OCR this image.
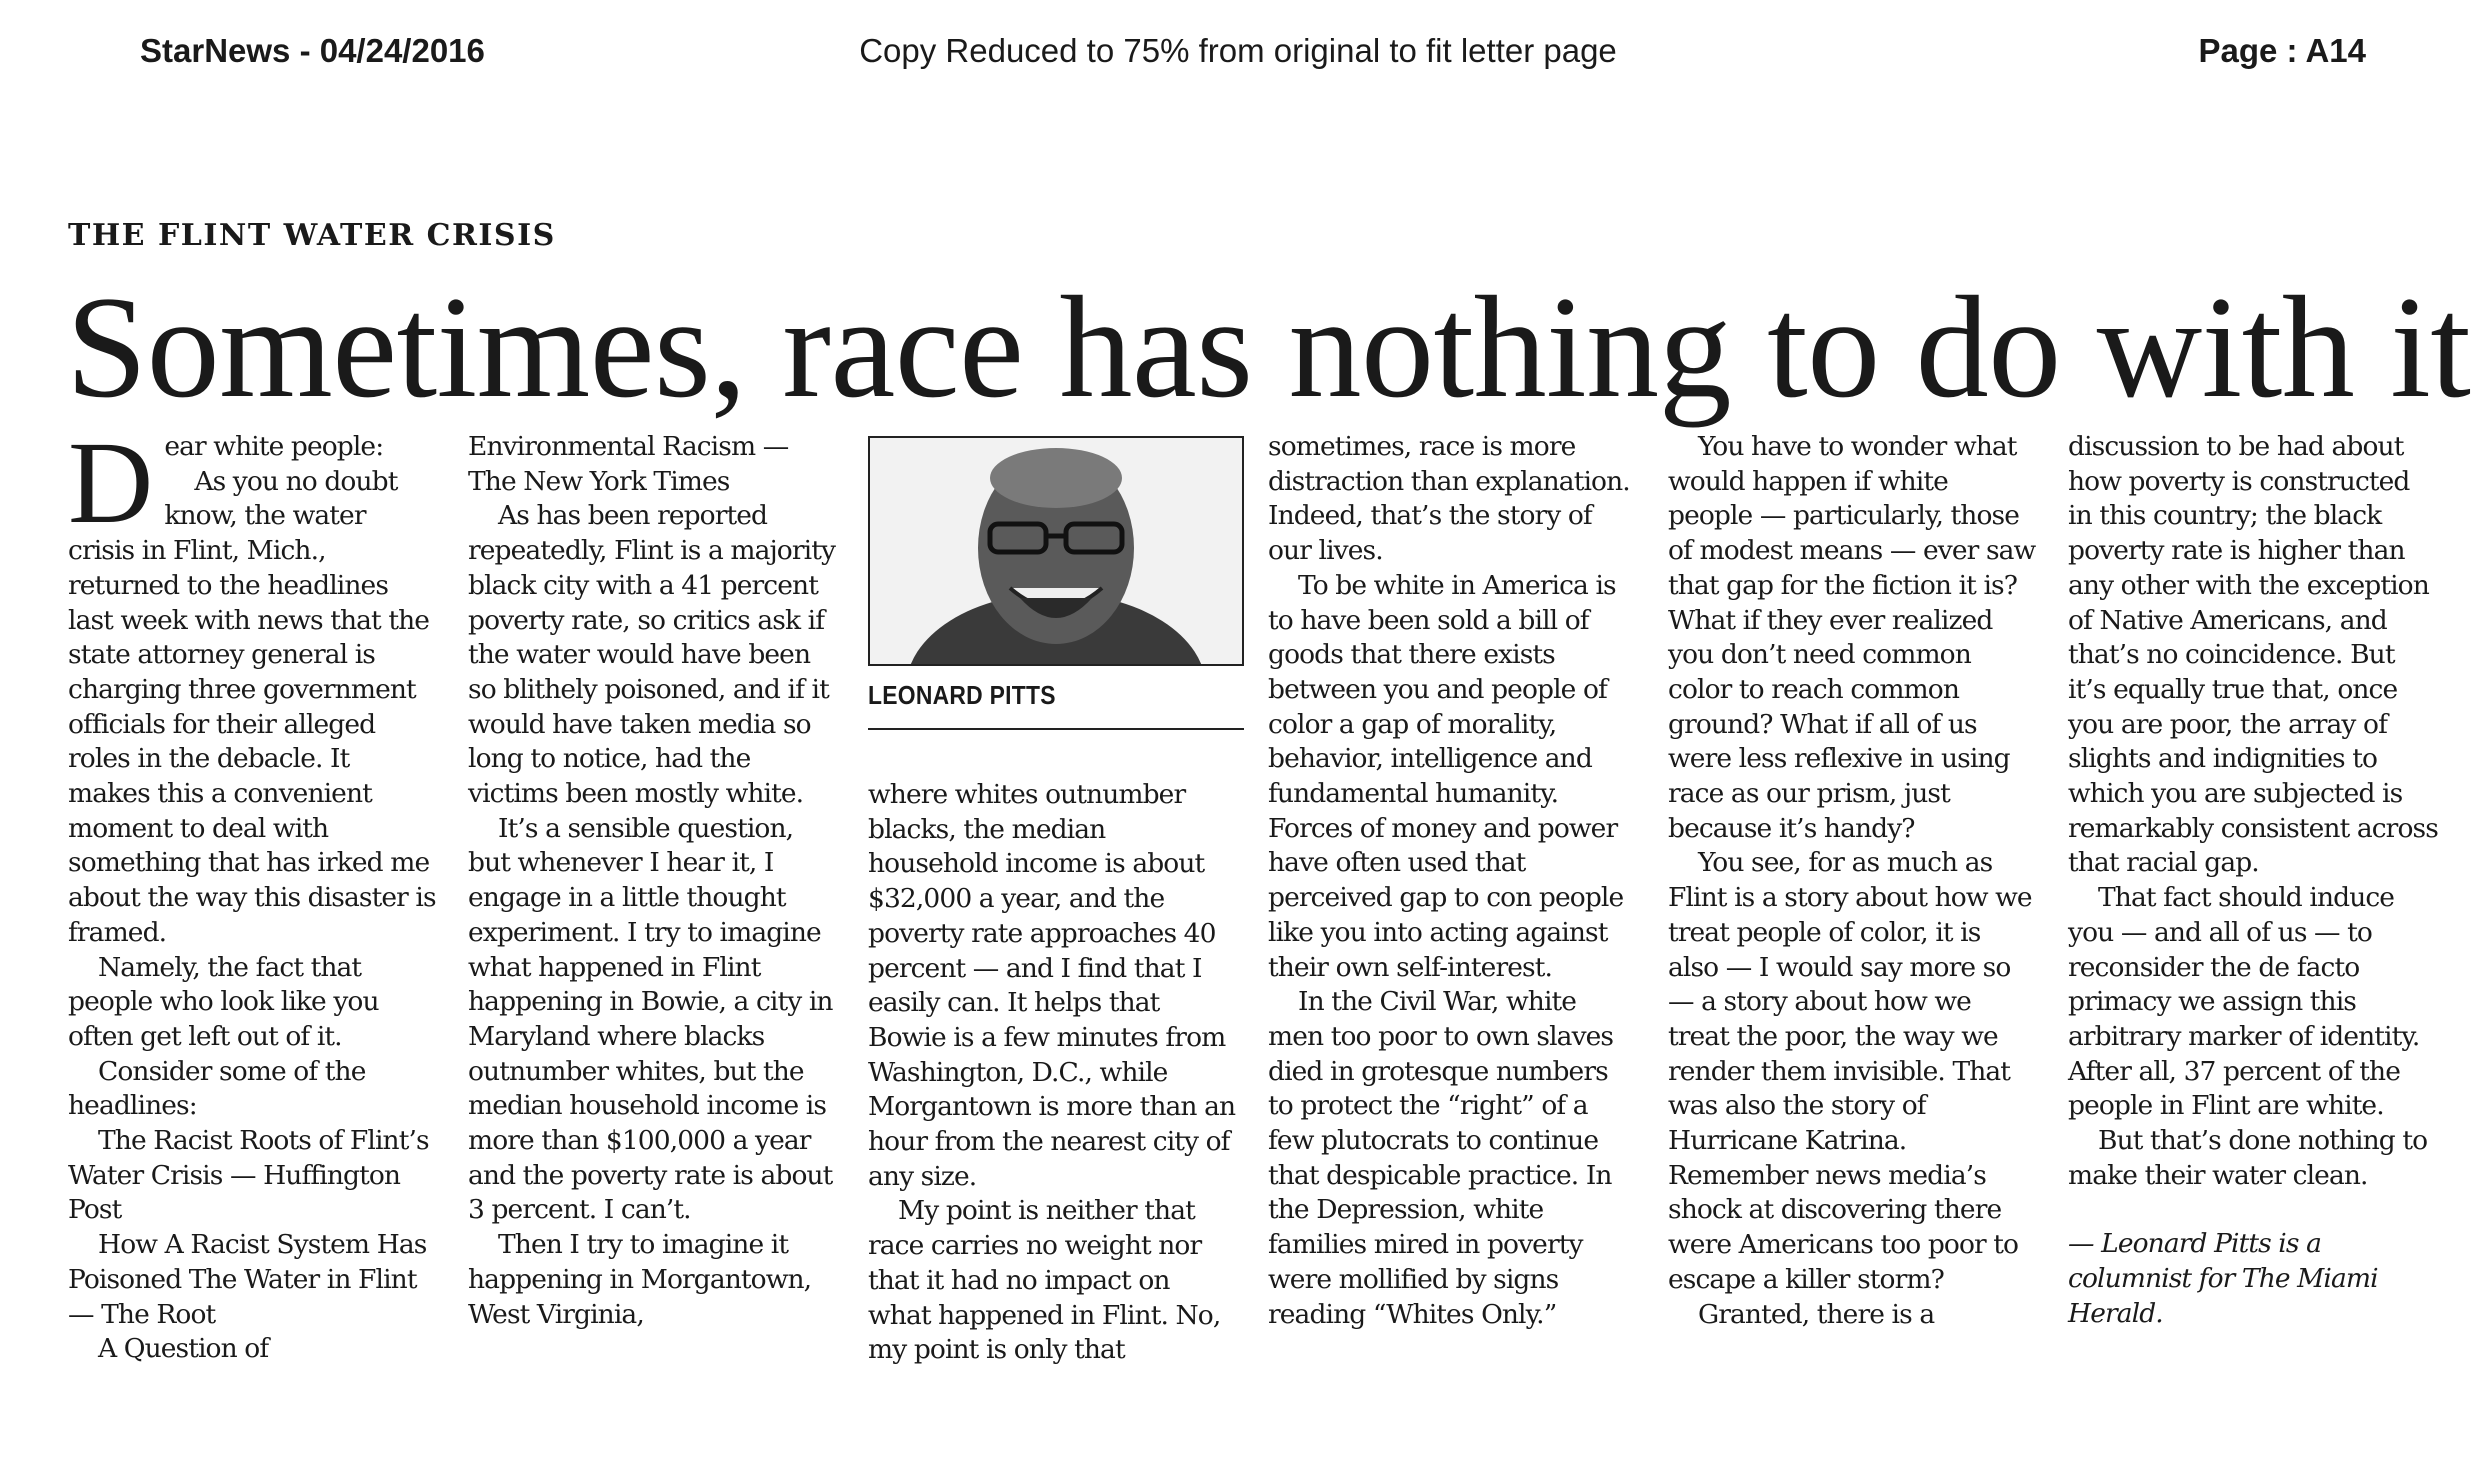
StarNews - 04/24/2016	Copy Reduced to 75% from original to fit letter page	Page : A14
THE FLINT WATER CRISIS
Sometimes, race has nothing to do with it

Dear white people:

As you no doubt know, the water crisis in Flint, Mich., returned to the headlines last week with news that the state attorney general is charging three government officials for their alleged roles in the debacle. It makes this a convenient moment to deal with something that has irked me about the way this disaster is framed.

Namely, the fact that people who look like you often get left out of it.

Consider some of the headlines:

The Racist Roots of Flint’s Water Crisis — Huffington Post

How A Racist System Has Poisoned The Water in Flint — The Root

A Question of

Environmental Racism — The New York Times

As has been reported repeatedly, Flint is a majority black city with a 41 percent poverty rate, so critics ask if the water would have been so blithely poisoned, and if it would have taken media so long to notice, had the victims been mostly white.

It’s a sensible question, but whenever I hear it, I engage in a little thought experiment. I try to imagine what happened in Flint happening in Bowie, a city in Maryland where blacks outnumber whites, but the median household income is more than $100,000 a year and the poverty rate is about 3 percent. I can’t.

Then I try to imagine it happening in Morgantown, West Virginia,

LEONARD PITTS

where whites outnumber blacks, the median household income is about $32,000 a year, and the poverty rate approaches 40 percent — and I find that I easily can. It helps that Bowie is a few minutes from Washington, D.C., while Morgantown is more than an hour from the nearest city of any size.

My point is neither that race carries no weight nor that it had no impact on what happened in Flint. No, my point is only that

sometimes, race is more distraction than explanation. Indeed, that’s the story of our lives.

To be white in America is to have been sold a bill of goods that there exists between you and people of color a gap of morality, behavior, intelligence and fundamental humanity. Forces of money and power have often used that perceived gap to con people like you into acting against their own self-interest.

In the Civil War, white men too poor to own slaves died in grotesque numbers to protect the “right” of a few plutocrats to continue that despicable practice. In the Depression, white families mired in poverty were mollified by signs reading “Whites Only.”

You have to wonder what would happen if white people — particularly, those of modest means — ever saw that gap for the fiction it is? What if they ever realized you don’t need common color to reach common ground? What if all of us were less reflexive in using race as our prism, just because it’s handy?

You see, for as much as Flint is a story about how we treat people of color, it is also — I would say more so — a story about how we treat the poor, the way we render them invisible. That was also the story of Hurricane Katrina. Remember news media’s shock at discovering there were Americans too poor to escape a killer storm?

Granted, there is a

discussion to be had about how poverty is constructed in this country; the black poverty rate is higher than any other with the exception of Native Americans, and that’s no coincidence. But it’s equally true that, once you are poor, the array of slights and indignities to which you are subjected is remarkably consistent across that racial gap.

That fact should induce you — and all of us — to reconsider the de facto primacy we assign this arbitrary marker of identity. After all, 37 percent of the people in Flint are white.

But that’s done nothing to make their water clean.

— Leonard Pitts is a columnist for The Miami Herald.
